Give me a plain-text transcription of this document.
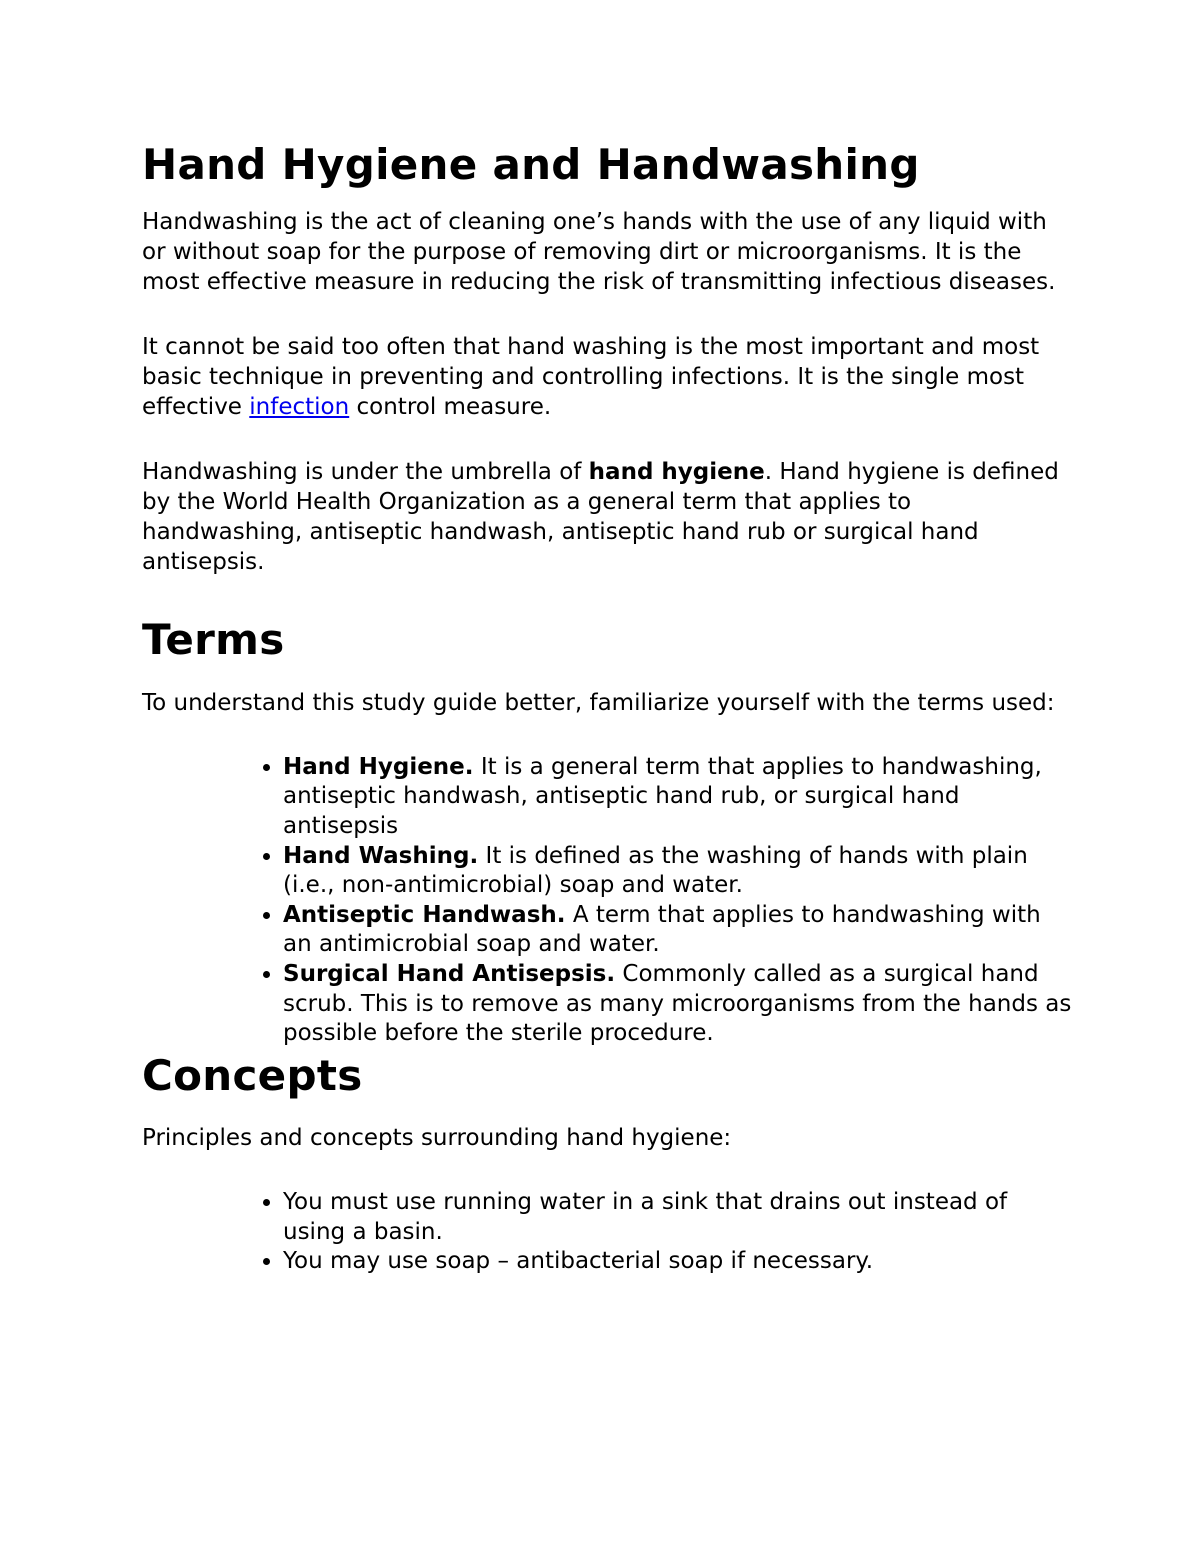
Hand Hygiene and Handwashing

Handwashing is the act of cleaning one’s hands with the use of any liquid with or without soap for the purpose of removing dirt or microorganisms. It is the most effective measure in reducing the risk of transmitting infectious diseases.

It cannot be said too often that hand washing is the most important and most basic technique in preventing and controlling infections. It is the single most effective infection control measure.

Handwashing is under the umbrella of hand hygiene. Hand hygiene is defined by the World Health Organization as a general term that applies to handwashing, antiseptic handwash, antiseptic hand rub or surgical hand antisepsis.

Terms

To understand this study guide better, familiarize yourself with the terms used:

• Hand Hygiene. It is a general term that applies to handwashing, antiseptic handwash, antiseptic hand rub, or surgical hand antisepsis
• Hand Washing. It is defined as the washing of hands with plain (i.e., non-antimicrobial) soap and water.
• Antiseptic Handwash. A term that applies to handwashing with an antimicrobial soap and water.
• Surgical Hand Antisepsis. Commonly called as a surgical hand scrub. This is to remove as many microorganisms from the hands as possible before the sterile procedure.
Concepts

Principles and concepts surrounding hand hygiene:

• You must use running water in a sink that drains out instead of using a basin.
• You may use soap – antibacterial soap if necessary.
